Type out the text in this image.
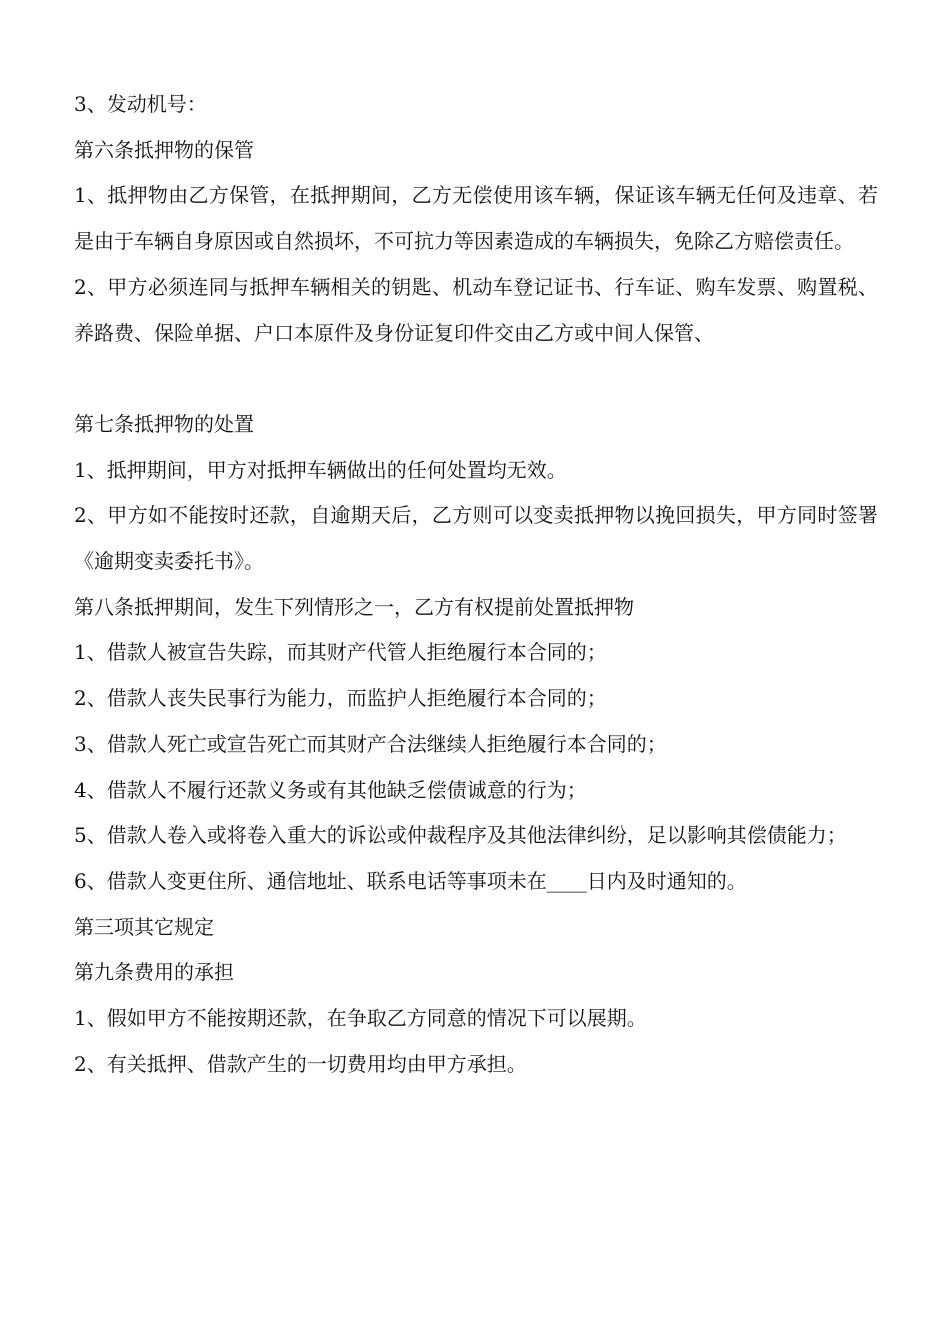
3、发动机号：

第六条抵押物的保管

1、抵押物由乙方保管，在抵押期间，乙方无偿使用该车辆，保证该车辆无任何及违章、若是由于车辆自身原因或自然损坏，不可抗力等因素造成的车辆损失，免除乙方赔偿责任。

2、甲方必须连同与抵押车辆相关的钥匙、机动车登记证书、行车证、购车发票、购置税、养路费、保险单据、户口本原件及身份证复印件交由乙方或中间人保管、

第七条抵押物的处置

1、抵押期间，甲方对抵押车辆做出的任何处置均无效。

2、甲方如不能按时还款，自逾期天后，乙方则可以变卖抵押物以挽回损失，甲方同时签署《逾期变卖委托书》。

第八条抵押期间，发生下列情形之一，乙方有权提前处置抵押物

1、借款人被宣告失踪，而其财产代管人拒绝履行本合同的；

2、借款人丧失民事行为能力，而监护人拒绝履行本合同的；

3、借款人死亡或宣告死亡而其财产合法继续人拒绝履行本合同的；

4、借款人不履行还款义务或有其他缺乏偿债诚意的行为；

5、借款人卷入或将卷入重大的诉讼或仲裁程序及其他法律纠纷，足以影响其偿债能力；

6、借款人变更住所、通信地址、联系电话等事项未在____日内及时通知的。

第三项其它规定

第九条费用的承担

1、假如甲方不能按期还款，在争取乙方同意的情况下可以展期。

2、有关抵押、借款产生的一切费用均由甲方承担。
